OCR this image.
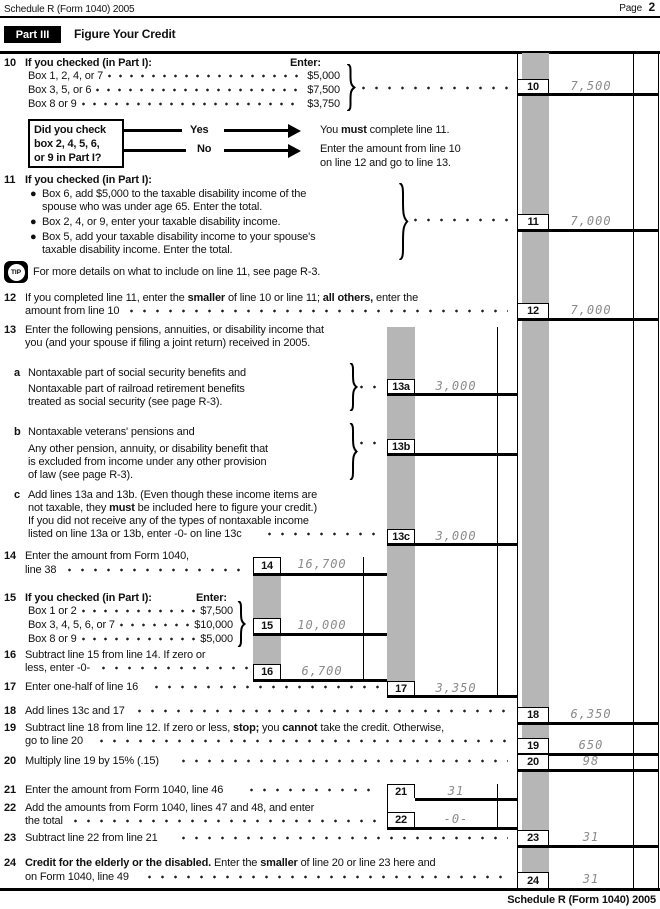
Schedule R (Form 1040) 2005	Page 2
Part III	Figure Your Credit
10 If you checked (in Part I):	Enter:
Box 1, 2, 4, or 7	$5,000
Box 3, 5, or 6	$7,500
Box 8 or 9	$3,750
10	7,500
Did you check
box 2, 4, 5, 6,
or 9 in Part I?
Yes	You must complete line 11.
No	Enter the amount from line 10
on line 12 and go to line 13.
11 If you checked (in Part I):
● Box 6, add $5,000 to the taxable disability income of the
spouse who was under age 65. Enter the total.
● Box 2, 4, or 9, enter your taxable disability income.
● Box 5, add your taxable disability income to your spouse's
taxable disability income. Enter the total.
11	7,000
TIP	For more details on what to include on line 11, see page R-3.
12 If you completed line 11, enter the smaller of line 10 or line 11; all others, enter the
amount from line 10	12	7,000
13 Enter the following pensions, annuities, or disability income that
you (and your spouse if filing a joint return) received in 2005.
a Nontaxable part of social security benefits and
Nontaxable part of railroad retirement benefits
treated as social security (see page R-3).
13a	3,000
b Nontaxable veterans' pensions and
Any other pension, annuity, or disability benefit that
is excluded from income under any other provision
of law (see page R-3).
13b
c Add lines 13a and 13b. (Even though these income items are
not taxable, they must be included here to figure your credit.)
If you did not receive any of the types of nontaxable income
listed on line 13a or 13b, enter -0- on line 13c	13c	3,000
14 Enter the amount from Form 1040,
line 38	14	16,700
15 If you checked (in Part I):	Enter:
Box 1 or 2	$7,500
Box 3, 4, 5, 6, or 7	$10,000
Box 8 or 9	$5,000
15	10,000
16 Subtract line 15 from line 14. If zero or
less, enter -0-	16	6,700
17 Enter one-half of line 16	17	3,350
18 Add lines 13c and 17	18	6,350
19 Subtract line 18 from line 12. If zero or less, stop; you cannot take the credit. Otherwise,
go to line 20	19	650
20 Multiply line 19 by 15% (.15)	20	98
21 Enter the amount from Form 1040, line 46	21	31
22 Add the amounts from Form 1040, lines 47 and 48, and enter
the total	22	-0-
23 Subtract line 22 from line 21	23	31
24 Credit for the elderly or the disabled. Enter the smaller of line 20 or line 23 here and
on Form 1040, line 49	24	31
Schedule R (Form 1040) 2005
